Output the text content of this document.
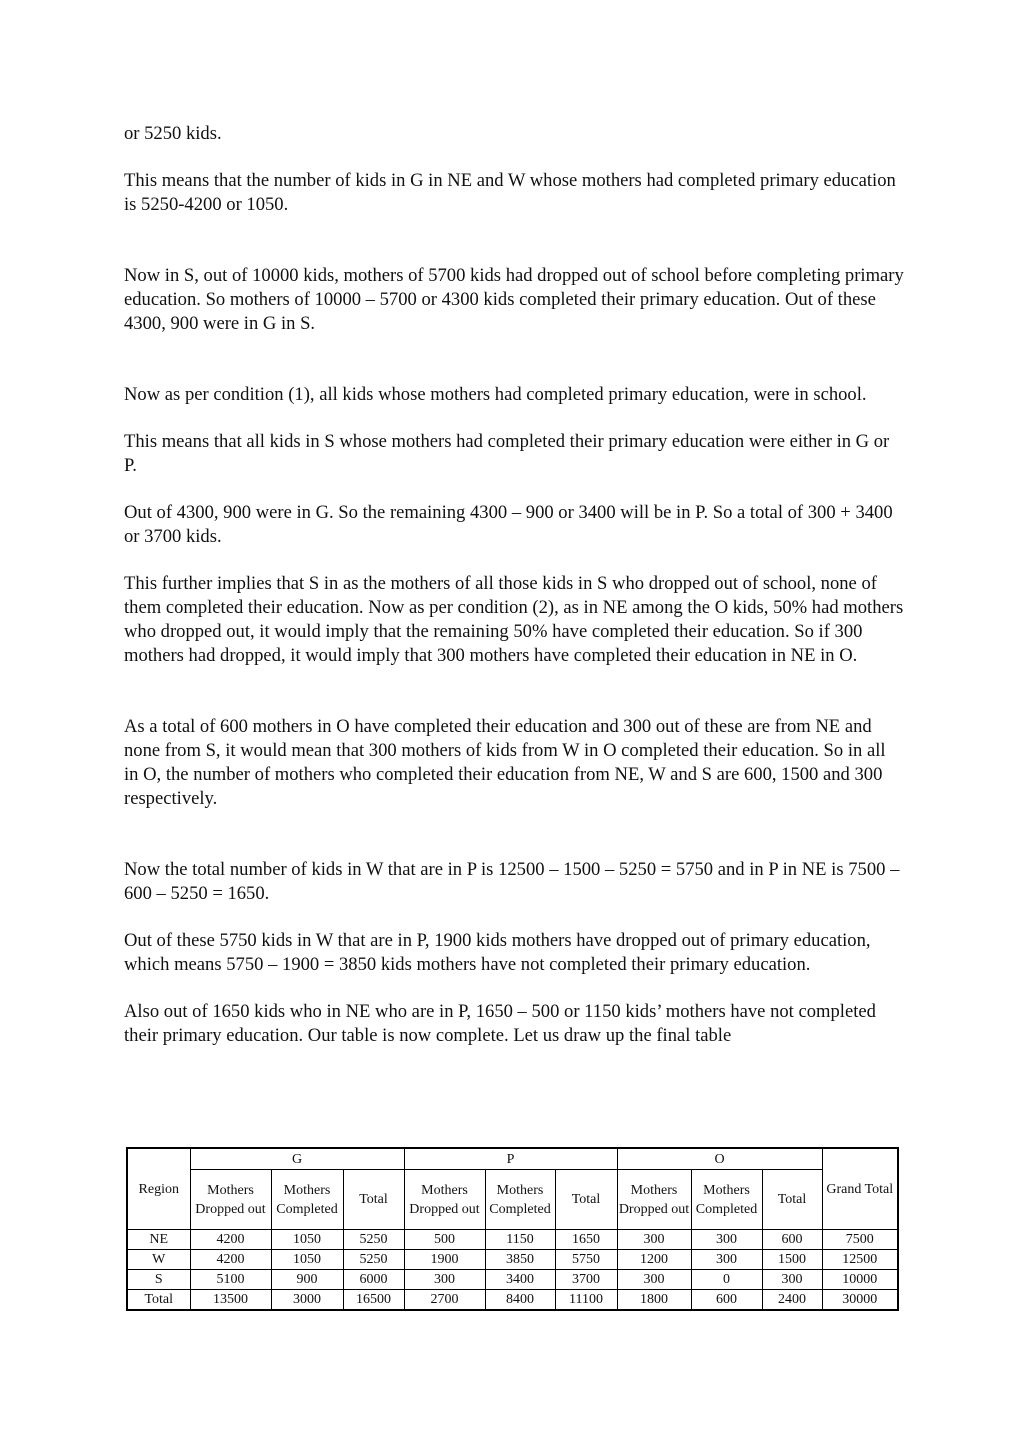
or 5250 kids.

This means that the number of kids in G in NE and W whose mothers had completed primary education is 5250-4200 or 1050.

Now in S, out of 10000 kids, mothers of 5700 kids had dropped out of school before completing primary education. So mothers of 10000 – 5700 or 4300 kids completed their primary education. Out of these 4300, 900 were in G in S.

Now as per condition (1), all kids whose mothers had completed primary education, were in school.

This means that all kids in S whose mothers had completed their primary education were either in G or P.

Out of 4300, 900 were in G. So the remaining 4300 – 900 or 3400 will be in P. So a total of 300 + 3400 or 3700 kids.

This further implies that S in as the mothers of all those kids in S who dropped out of school, none of them completed their education. Now as per condition (2), as in NE among the O kids, 50% had mothers who dropped out, it would imply that the remaining 50% have completed their education. So if 300 mothers had dropped, it would imply that 300 mothers have completed their education in NE in O.

As a total of 600 mothers in O have completed their education and 300 out of these are from NE and none from S, it would mean that 300 mothers of kids from W in O completed their education. So in all in O, the number of mothers who completed their education from NE, W and S are 600, 1500 and 300 respectively.

Now the total number of kids in W that are in P is 12500 – 1500 – 5250 = 5750 and in P in NE is 7500 – 600 – 5250 = 1650.

Out of these 5750 kids in W that are in P, 1900 kids mothers have dropped out of primary education, which means 5750 – 1900 = 3850 kids mothers have not completed their primary education.

Also out of 1650 kids who in NE who are in P, 1650 – 500 or 1150 kids’ mothers have not completed their primary education. Our table is now complete. Let us draw up the final table

Region	G			P			O			Grand Total
	Mothers Dropped out	Mothers Completed	Total	Mothers Dropped out	Mothers Completed	Total	Mothers Dropped out	Mothers Completed	Total	
NE	4200	1050	5250	500	1150	1650	300	300	600	7500
W	4200	1050	5250	1900	3850	5750	1200	300	1500	12500
S	5100	900	6000	300	3400	3700	300	0	300	10000
Total	13500	3000	16500	2700	8400	11100	1800	600	2400	30000
